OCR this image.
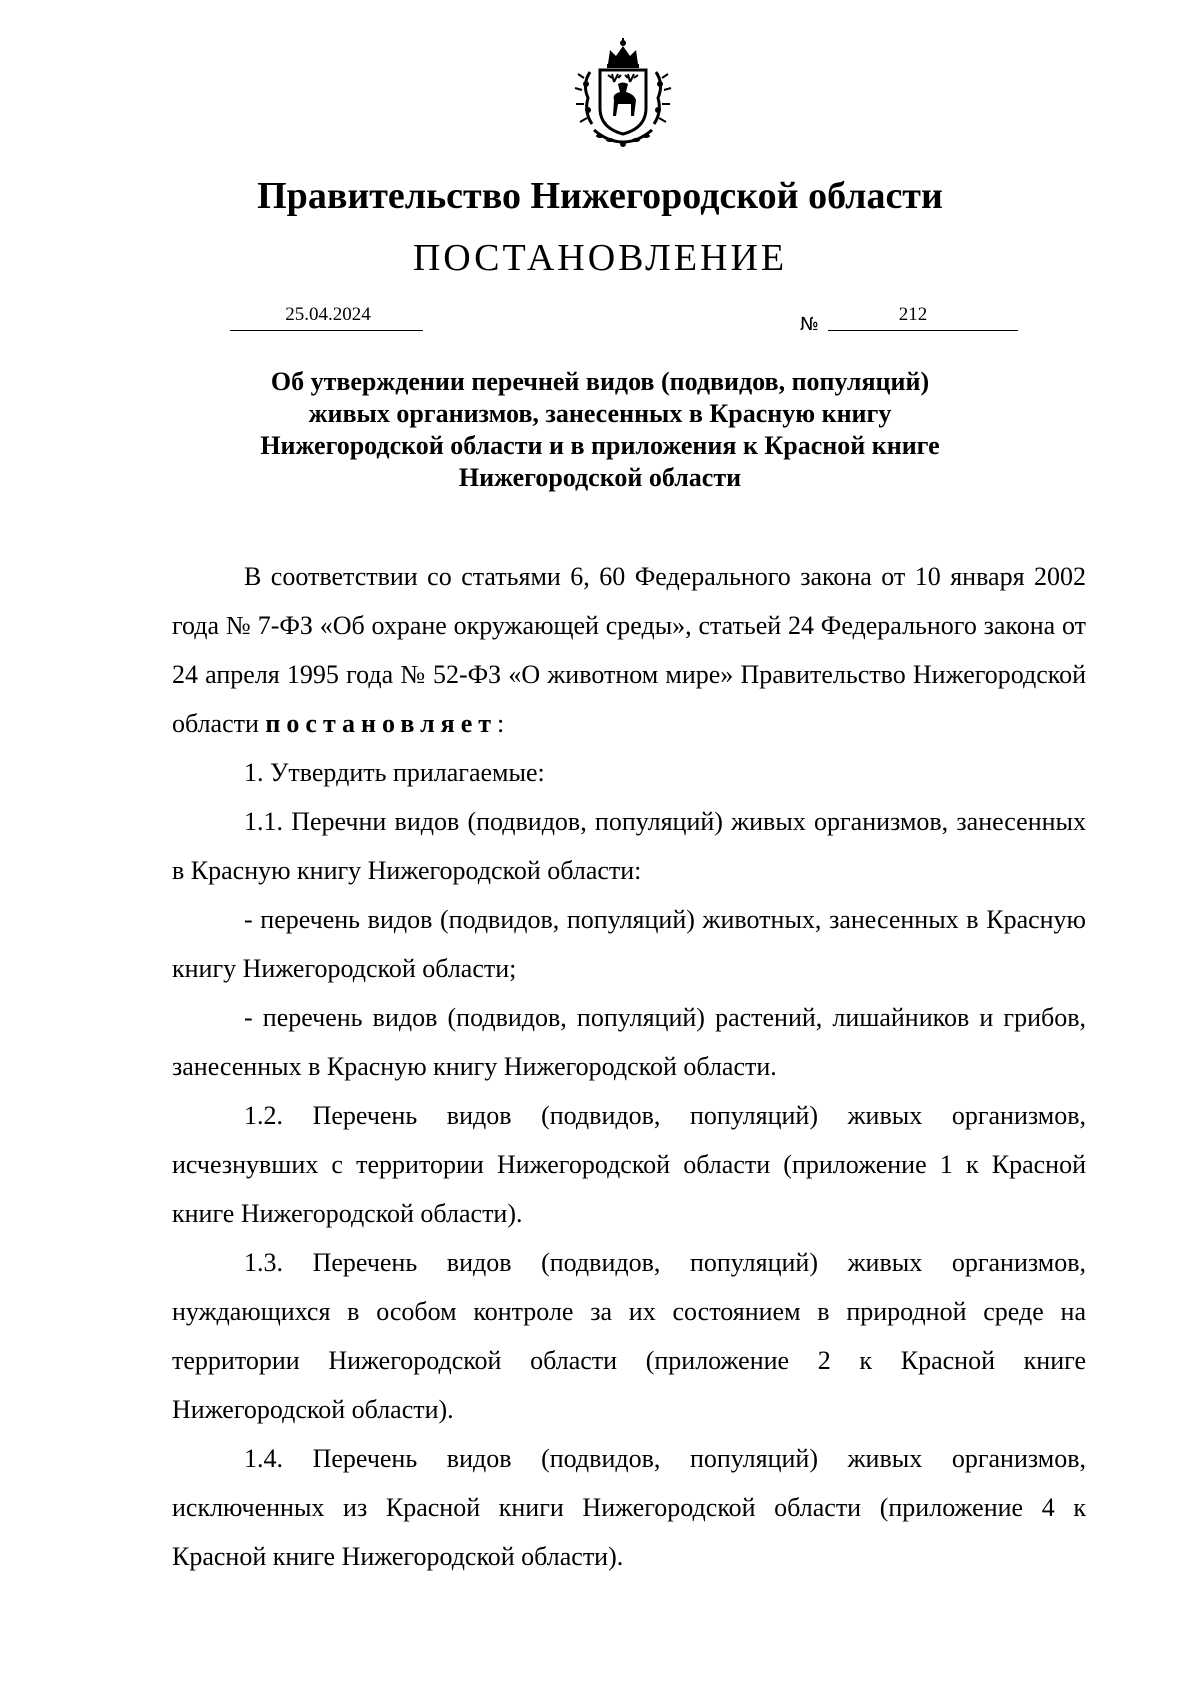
Правительство Нижегородской области
ПОСТАНОВЛЕНИЕ
25.04.2024	№	212
Об утверждении перечней видов (подвидов, популяций)
живых организмов, занесенных в Красную книгу
Нижегородской области и в приложения к Красной книге
Нижегородской области

В соответствии со статьями 6, 60 Федерального закона от 10 января 2002 года № 7-ФЗ «Об охране окружающей среды», статьей 24 Федерального закона от 24 апреля 1995 года № 52-ФЗ «О животном мире» Правительство Нижегородской области постановляет:

1. Утвердить прилагаемые:

1.1. Перечни видов (подвидов, популяций) живых организмов, занесенных в Красную книгу Нижегородской области:

- перечень видов (подвидов, популяций) животных, занесенных в Красную книгу Нижегородской области;

- перечень видов (подвидов, популяций) растений, лишайников и грибов, занесенных в Красную книгу Нижегородской области.

1.2. Перечень видов (подвидов, популяций) живых организмов, исчезнувших с территории Нижегородской области (приложение 1 к Красной книге Нижегородской области).

1.3. Перечень видов (подвидов, популяций) живых организмов, нуждающихся в особом контроле за их состоянием в природной среде на территории Нижегородской области (приложение 2 к Красной книге Нижегородской области).

1.4. Перечень видов (подвидов, популяций) живых организмов, исключенных из Красной книги Нижегородской области (приложение 4 к Красной книге Нижегородской области).
